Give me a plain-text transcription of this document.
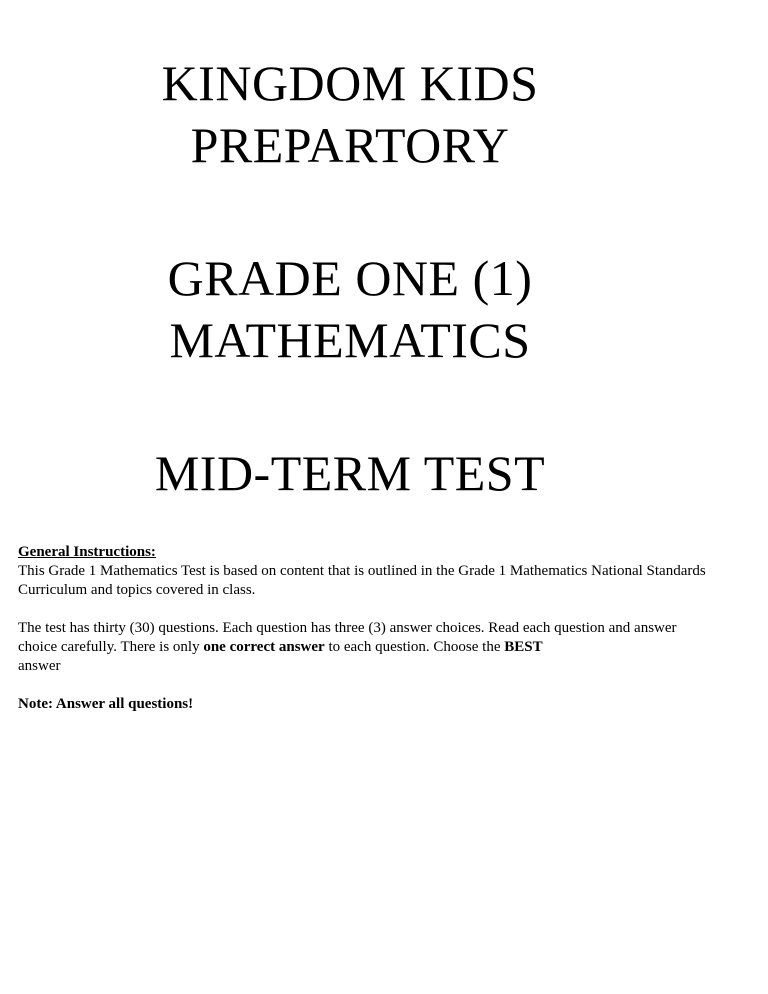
KINGDOM KIDS
PREPARTORY
GRADE ONE (1)
MATHEMATICS
MID-TERM TEST
General Instructions:

This Grade 1 Mathematics Test is based on content that is outlined in the Grade 1 Mathematics National Standards Curriculum and topics covered in class.

The test has thirty (30) questions. Each question has three (3) answer choices. Read each question and answer choice carefully. There is only one correct answer to each question. Choose the BEST
answer

Note: Answer all questions!
